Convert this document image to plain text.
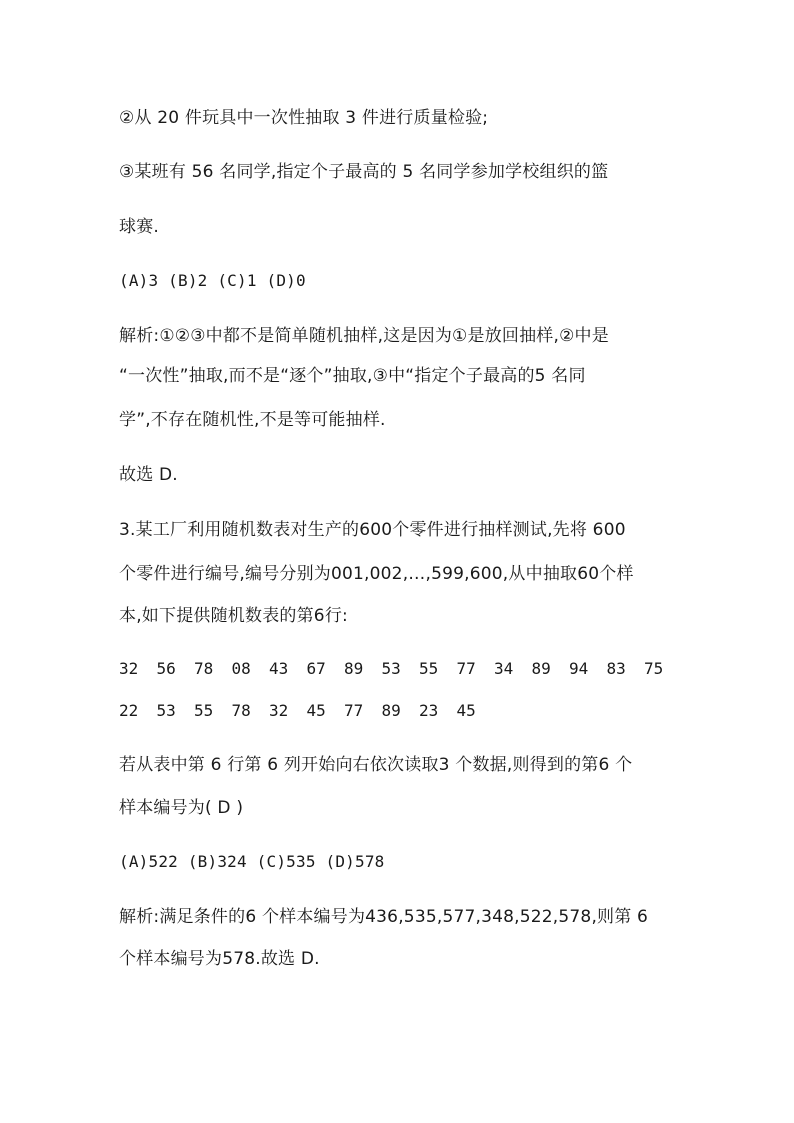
②从 20 件玩具中一次性抽取 3 件进行质量检验;
③某班有 56 名同学,指定个子最高的 5 名同学参加学校组织的篮
球赛.
(A)3 (B)2 (C)1 (D)0
解析:①②③中都不是简单随机抽样,这是因为①是放回抽样,②中是
“一次性”抽取,而不是“逐个”抽取,③中“指定个子最高的5 名同
学”,不存在随机性,不是等可能抽样.
故选 D.
3.某工厂利用随机数表对生产的600个零件进行抽样测试,先将 600
个零件进行编号,编号分别为001,002,…,599,600,从中抽取60个样
本,如下提供随机数表的第6行:
32 56 78 08 43 67 89 53 55 77 34 89 94 83 75
22 53 55 78 32 45 77 89 23 45
若从表中第 6 行第 6 列开始向右依次读取3 个数据,则得到的第6 个
样本编号为( D )
(A)522 (B)324 (C)535 (D)578
解析:满足条件的6 个样本编号为436,535,577,348,522,578,则第 6
个样本编号为578.故选 D.
